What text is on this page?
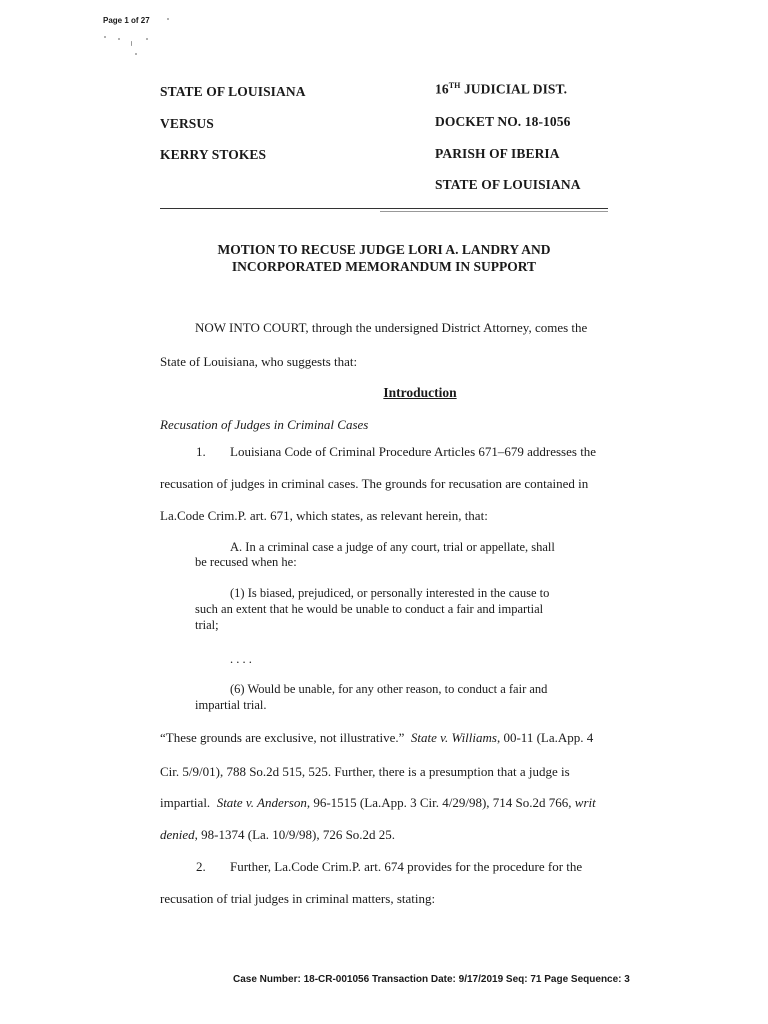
Page 1 of 27
STATE OF LOUISIANA
VERSUS
KERRY STOKES
16TH JUDICIAL DIST.
DOCKET NO. 18-1056
PARISH OF IBERIA
STATE OF LOUISIANA
MOTION TO RECUSE JUDGE LORI A. LANDRY AND
INCORPORATED MEMORANDUM IN SUPPORT
NOW INTO COURT, through the undersigned District Attorney, comes the
State of Louisiana, who suggests that:
Introduction
Recusation of Judges in Criminal Cases
1. Louisiana Code of Criminal Procedure Articles 671–679 addresses the
recusation of judges in criminal cases. The grounds for recusation are contained in
La.Code Crim.P. art. 671, which states, as relevant herein, that:
A. In a criminal case a judge of any court, trial or appellate, shall
be recused when he:
(1) Is biased, prejudiced, or personally interested in the cause to
such an extent that he would be unable to conduct a fair and impartial
trial;
. . . .
(6) Would be unable, for any other reason, to conduct a fair and
impartial trial.
“These grounds are exclusive, not illustrative.” State v. Williams, 00-11 (La.App. 4
Cir. 5/9/01), 788 So.2d 515, 525. Further, there is a presumption that a judge is
impartial. State v. Anderson, 96-1515 (La.App. 3 Cir. 4/29/98), 714 So.2d 766, writ
denied, 98-1374 (La. 10/9/98), 726 So.2d 25.
2. Further, La.Code Crim.P. art. 674 provides for the procedure for the
recusation of trial judges in criminal matters, stating:
Case Number: 18-CR-001056 Transaction Date: 9/17/2019 Seq: 71 Page Sequence: 3
